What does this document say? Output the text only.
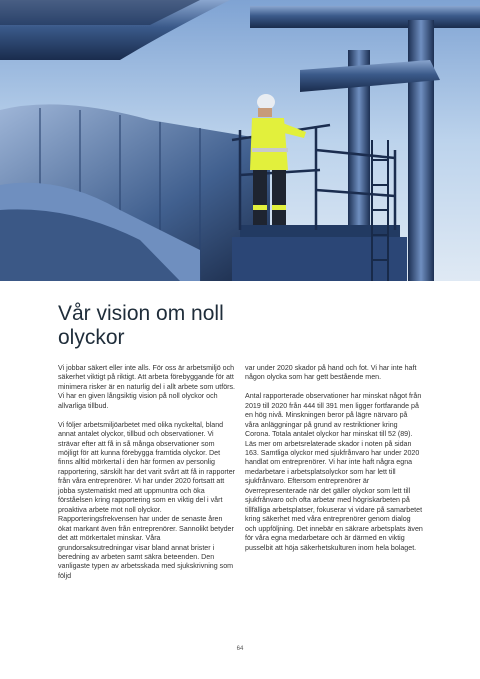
Vår vision om noll olyckor

Vi jobbar säkert eller inte alls. För oss är arbetsmiljö och säkerhet viktigt på riktigt. Att arbeta förebyggande för att minimera risker är en naturlig del i allt arbete som utförs. Vi har en given långsiktig vision på noll olyckor och allvarliga tillbud.

Vi följer arbetsmiljöarbetet med olika nyckeltal, bland annat antalet olyckor, tillbud och observationer. Vi strävar efter att få in så många observationer som möjligt för att kunna förebygga framtida olyckor. Det finns alltid mörkertal i den här formen av personlig rapportering, särskilt har det varit svårt att få in rapporter från våra entreprenörer. Vi har under 2020 fortsatt att jobba systematiskt med att uppmuntra och öka förståelsen kring rapportering som en viktig del i vårt proaktiva arbete mot noll olyckor. Rapporteringsfrekvensen har under de senaste åren ökat markant även från entreprenörer. Sannolikt betyder det att mörkertalet minskar. Våra grundorsaksutredningar visar bland annat brister i beredning av arbeten samt säkra beteenden. Den vanligaste typen av arbetsskada med sjukskrivning som följd

var under 2020 skador på hand och fot. Vi har inte haft någon olycka som har gett bestående men.

Antal rapporterade observationer har minskat något från 2019 till 2020 från 444 till 391 men ligger fortfarande på en hög nivå. Minskningen beror på lägre närvaro på våra anläggningar på grund av restriktioner kring Corona. Totala antalet olyckor har minskat till 52 (89). Läs mer om arbetsrelaterade skador i noten på sidan 163. Samtliga olyckor med sjukfrånvaro har under 2020 handlat om entreprenörer. Vi har inte haft några egna medarbetare i arbetsplatsolyckor som har lett till sjukfrånvaro. Eftersom entreprenörer är överrepresenterade när det gäller olyckor som lett till sjukfrånvaro och ofta arbetar med högriskarbeten på tillfälliga arbetsplatser, fokuserar vi vidare på samarbetet kring säkerhet med våra entreprenörer genom dialog och uppföljning. Det innebär en säkrare arbetsplats även för våra egna medarbetare och är därmed en viktig pusselbit att höja säkerhetskulturen inom hela bolaget.

64
